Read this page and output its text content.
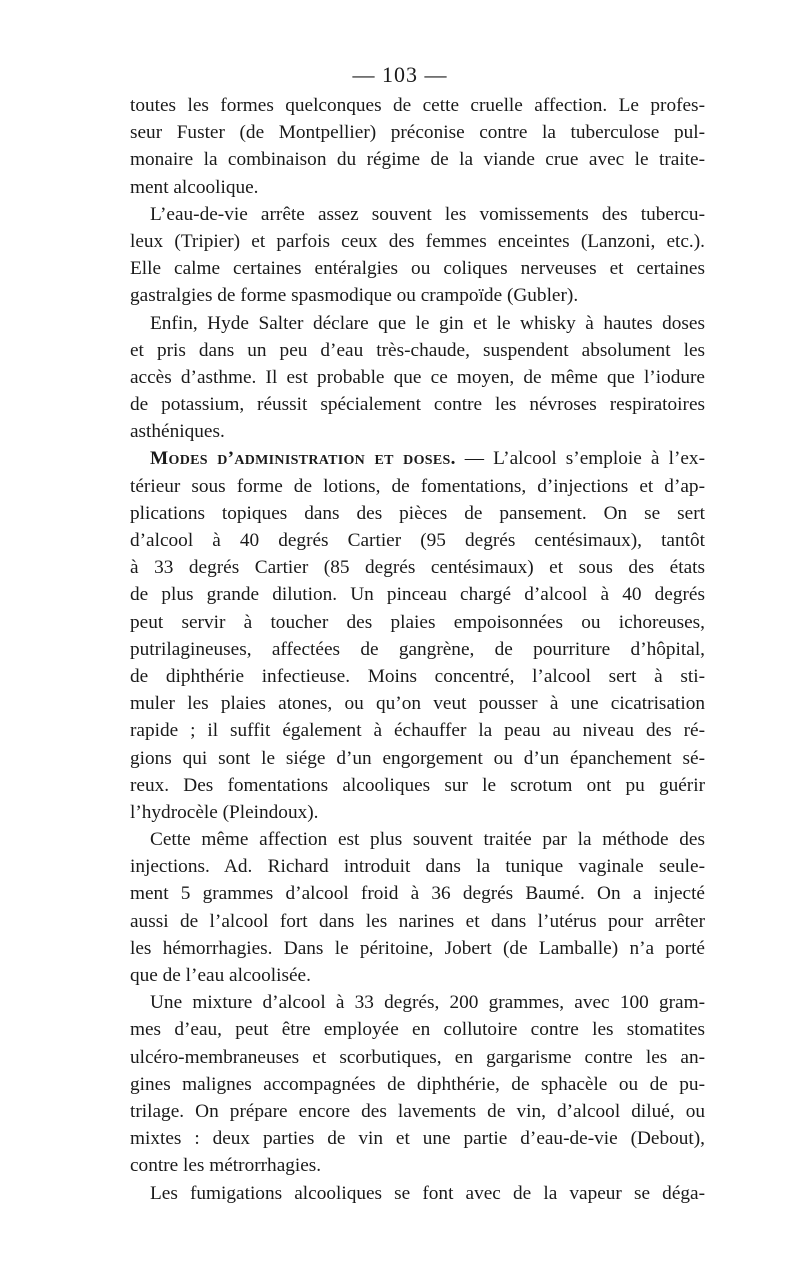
— 103 —
toutes les formes quelconques de cette cruelle affection. Le profes-
seur Fuster (de Montpellier) préconise contre la tuberculose pul-
monaire la combinaison du régime de la viande crue avec le traite-
ment alcoolique.
L’eau-de-vie arrête assez souvent les vomissements des tubercu-
leux (Tripier) et parfois ceux des femmes enceintes (Lanzoni, etc.).
Elle calme certaines entéralgies ou coliques nerveuses et certaines
gastralgies de forme spasmodique ou crampoïde (Gubler).
Enfin, Hyde Salter déclare que le gin et le whisky à hautes doses
et pris dans un peu d’eau très-chaude, suspendent absolument les
accès d’asthme. Il est probable que ce moyen, de même que l’iodure
de potassium, réussit spécialement contre les névroses respiratoires
asthéniques.
Modes d’administration et doses. — L’alcool s’emploie à l’ex-
térieur sous forme de lotions, de fomentations, d’injections et d’ap-
plications topiques dans des pièces de pansement. On se sert
d’alcool à 40 degrés Cartier (95 degrés centésimaux), tantôt
à 33 degrés Cartier (85 degrés centésimaux) et sous des états
de plus grande dilution. Un pinceau chargé d’alcool à 40 degrés
peut servir à toucher des plaies empoisonnées ou ichoreuses,
putrilagineuses, affectées de gangrène, de pourriture d’hôpital,
de diphthérie infectieuse. Moins concentré, l’alcool sert à sti-
muler les plaies atones, ou qu’on veut pousser à une cicatrisation
rapide ; il suffit également à échauffer la peau au niveau des ré-
gions qui sont le siége d’un engorgement ou d’un épanchement sé-
reux. Des fomentations alcooliques sur le scrotum ont pu guérir
l’hydrocèle (Pleindoux).
Cette même affection est plus souvent traitée par la méthode des
injections. Ad. Richard introduit dans la tunique vaginale seule-
ment 5 grammes d’alcool froid à 36 degrés Baumé. On a injecté
aussi de l’alcool fort dans les narines et dans l’utérus pour arrêter
les hémorrhagies. Dans le péritoine, Jobert (de Lamballe) n’a porté
que de l’eau alcoolisée.
Une mixture d’alcool à 33 degrés, 200 grammes, avec 100 gram-
mes d’eau, peut être employée en collutoire contre les stomatites
ulcéro-membraneuses et scorbutiques, en gargarisme contre les an-
gines malignes accompagnées de diphthérie, de sphacèle ou de pu-
trilage. On prépare encore des lavements de vin, d’alcool dilué, ou
mixtes : deux parties de vin et une partie d’eau-de-vie (Debout),
contre les métrorrhagies.
Les fumigations alcooliques se font avec de la vapeur se déga-
